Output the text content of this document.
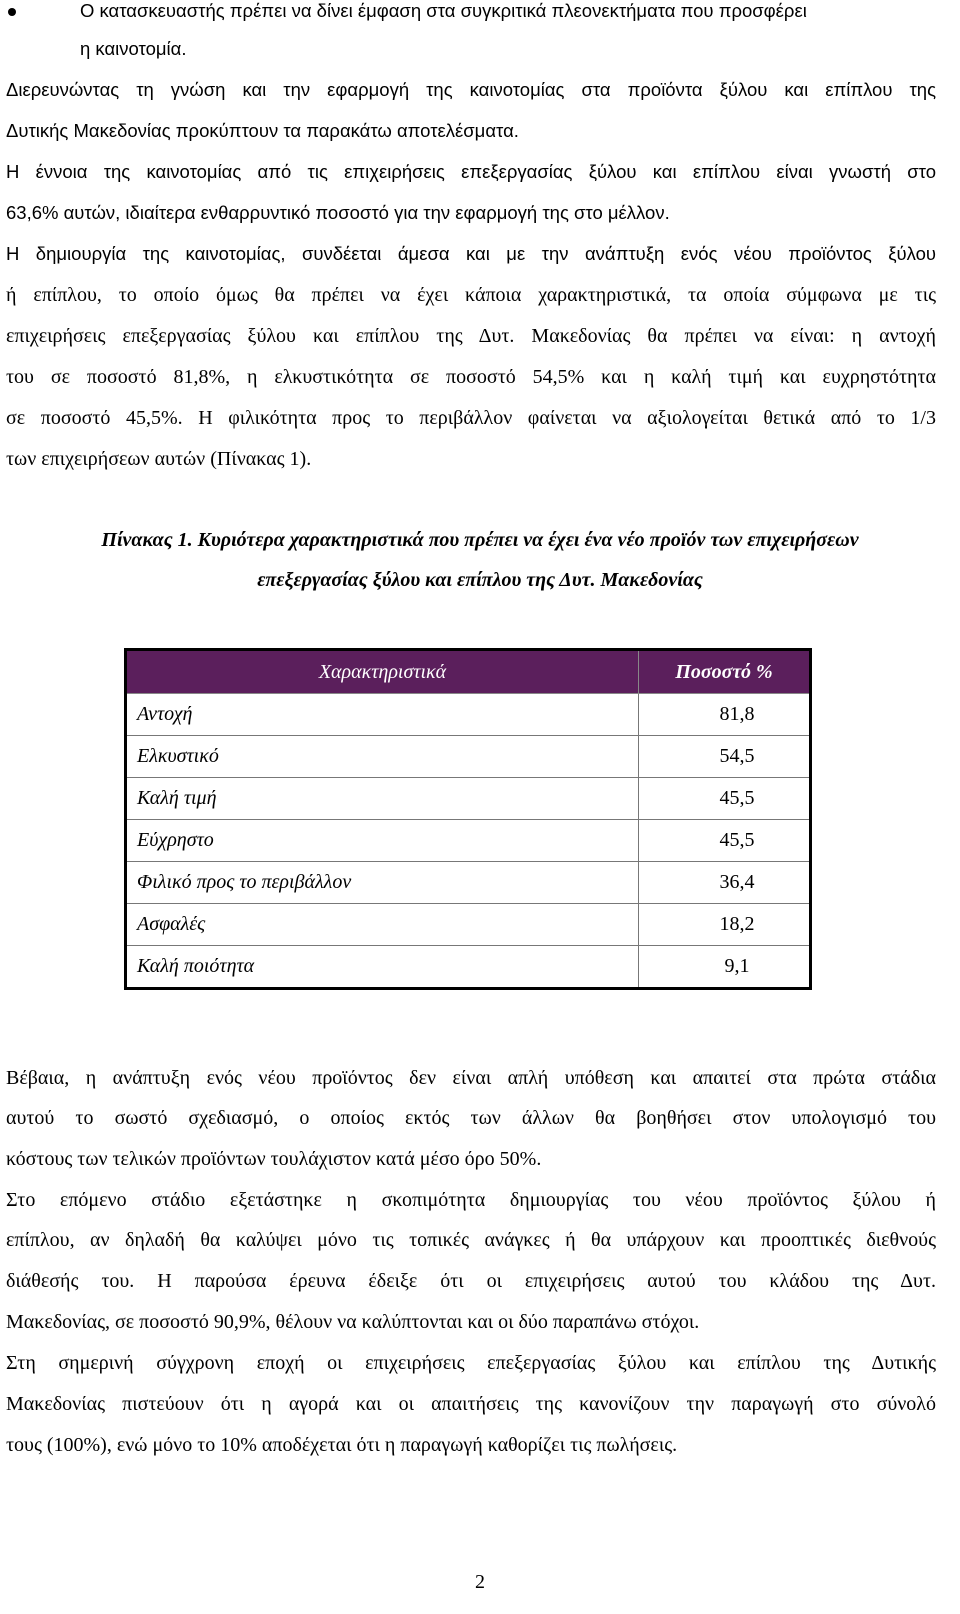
Ο κατασκευαστής πρέπει να δίνει έμφαση στα συγκριτικά πλεονεκτήματα που προσφέρει
η καινοτομία.
Διερευνώντας τη γνώση και την εφαρμογή της καινοτομίας στα προϊόντα ξύλου και επίπλου της
Δυτικής Μακεδονίας προκύπτουν τα παρακάτω αποτελέσματα.
Η έννοια της καινοτομίας από τις επιχειρήσεις επεξεργασίας ξύλου και επίπλου είναι γνωστή στο
63,6% αυτών, ιδιαίτερα ενθαρρυντικό ποσοστό για την εφαρμογή της στο μέλλον.
Η δημιουργία της καινοτομίας, συνδέεται άμεσα και με την ανάπτυξη ενός νέου προϊόντος ξύλου
ή επίπλου, το οποίο όμως θα πρέπει να έχει κάποια χαρακτηριστικά, τα οποία σύμφωνα με τις
επιχειρήσεις επεξεργασίας ξύλου και επίπλου της Δυτ. Μακεδονίας θα πρέπει να είναι: η αντοχή
του σε ποσοστό 81,8%, η ελκυστικότητα σε ποσοστό 54,5% και η καλή τιμή και ευχρηστότητα
σε ποσοστό 45,5%. Η φιλικότητα προς το περιβάλλον φαίνεται να αξιολογείται θετικά από το 1/3
των επιχειρήσεων αυτών (Πίνακας 1).
Πίνακας 1. Κυριότερα χαρακτηριστικά που πρέπει να έχει ένα νέο προϊόν των επιχειρήσεων
επεξεργασίας ξύλου και επίπλου της Δυτ. Μακεδονίας
Χαρακτηριστικά	Ποσοστό %
Αντοχή	81,8
Ελκυστικό	54,5
Καλή τιμή	45,5
Εύχρηστο	45,5
Φιλικό προς το περιβάλλον	36,4
Ασφαλές	18,2
Καλή ποιότητα	9,1
Βέβαια, η ανάπτυξη ενός νέου προϊόντος δεν είναι απλή υπόθεση και απαιτεί στα πρώτα στάδια
αυτού το σωστό σχεδιασμό, ο οποίος εκτός των άλλων θα βοηθήσει στον υπολογισμό του
κόστους των τελικών προϊόντων τουλάχιστον κατά μέσο όρο 50%.
Στο επόμενο στάδιο εξετάστηκε η σκοπιμότητα δημιουργίας του νέου προϊόντος ξύλου ή
επίπλου, αν δηλαδή θα καλύψει μόνο τις τοπικές ανάγκες ή θα υπάρχουν και προοπτικές διεθνούς
διάθεσής του. Η παρούσα έρευνα έδειξε ότι οι επιχειρήσεις αυτού του κλάδου της Δυτ.
Μακεδονίας, σε ποσοστό 90,9%, θέλουν να καλύπτονται και οι δύο παραπάνω στόχοι.
Στη σημερινή σύγχρονη εποχή οι επιχειρήσεις επεξεργασίας ξύλου και επίπλου της Δυτικής
Μακεδονίας πιστεύουν ότι η αγορά και οι απαιτήσεις της κανονίζουν την παραγωγή στο σύνολό
τους (100%), ενώ μόνο το 10% αποδέχεται ότι η παραγωγή καθορίζει τις πωλήσεις.
2
